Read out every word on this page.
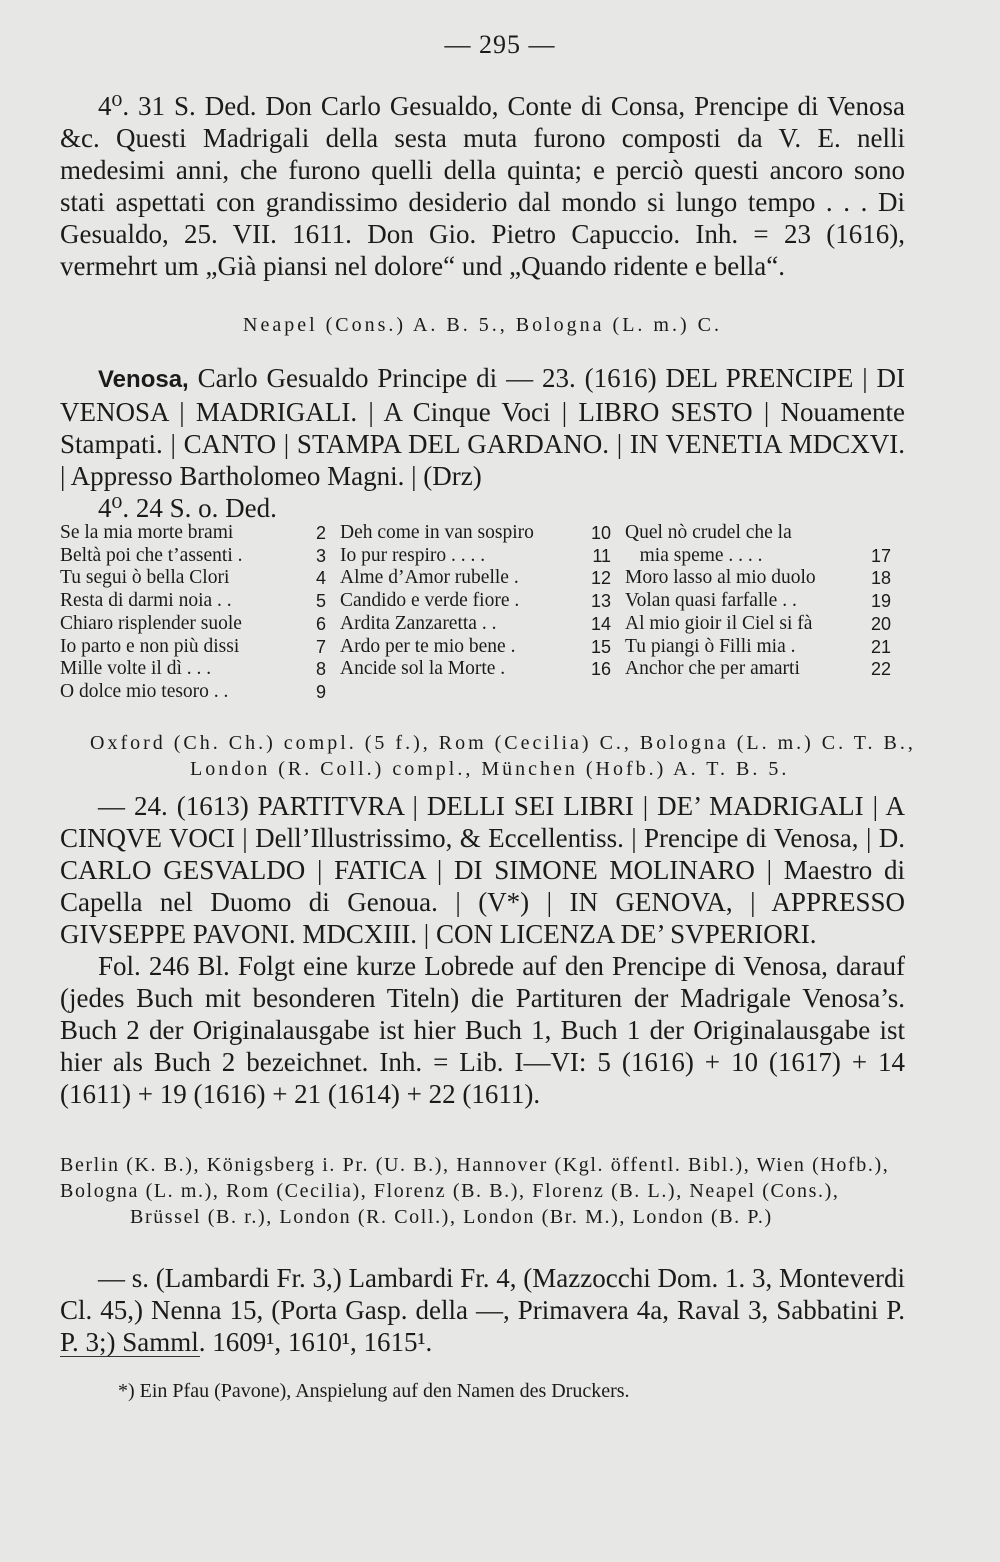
— 295 —

4⁰. 31 S. Ded. Don Carlo Gesualdo, Conte di Consa, Prencipe di Venosa &c. Questi Madrigali della sesta muta furono composti da V. E. nelli medesimi anni, che furono quelli della quinta; e perciò questi ancoro sono stati aspettati con grandissimo desiderio dal mondo si lungo tempo . . . Di Gesualdo, 25. VII. 1611. Don Gio. Pietro Capuccio. Inh. = 23 (1616), vermehrt um „Già piansi nel dolore“ und „Quando ridente e bella“.

Neapel (Cons.) A. B. 5., Bologna (L. m.) C.

Venosa, Carlo Gesualdo Principe di — 23. (1616) DEL PRENCIPE | DI VENOSA | MADRIGALI. | A Cinque Voci | LIBRO SESTO | Nouamente Stampati. | CANTO | STAMPA DEL GARDANO. | IN VENETIA MDCXVI. | Appresso Bartholomeo Magni. | (Drz)

4⁰. 24 S. o. Ded.

Se la mia morte brami	2
Beltà poi che t’assenti .	3
Tu segui ò bella Clori	4
Resta di darmi noia . .	5
Chiaro risplender suole	6
Io parto e non più dissi	7
Mille volte il dì . . .	8
O dolce mio tesoro . .	9
Deh come in van sospiro	10
Io pur respiro . . . .	11
Alme d’Amor rubelle .	12
Candido e verde fiore .	13
Ardita Zanzaretta . .	14
Ardo per te mio bene .	15
Ancide sol la Morte .	16
Quel nò crudel che la
mia speme . . . .	17
Moro lasso al mio duolo	18
Volan quasi farfalle . .	19
Al mio gioir il Ciel si fà	20
Tu piangi ò Filli mia .	21
Anchor che per amarti	22
Oxford (Ch. Ch.) compl. (5 f.), Rom (Cecilia) C., Bologna (L. m.) C. T. B.,
London (R. Coll.) compl., München (Hofb.) A. T. B. 5.

— 24. (1613) PARTITVRA | DELLI SEI LIBRI | DE’ MADRIGALI | A CINQVE VOCI | Dell’Illustrissimo, & Eccellentiss. | Prencipe di Venosa, | D. CARLO GESVALDO | FATICA | DI SIMONE MOLINARO | Maestro di Capella nel Duomo di Genoua. | (V*) | IN GENOVA, | APPRESSO GIVSEPPE PAVONI. MDCXIII. | CON LICENZA DE’ SVPERIORI.

Fol. 246 Bl. Folgt eine kurze Lobrede auf den Prencipe di Venosa, darauf (jedes Buch mit besonderen Titeln) die Partituren der Madrigale Venosa’s. Buch 2 der Originalausgabe ist hier Buch 1, Buch 1 der Originalausgabe ist hier als Buch 2 bezeichnet. Inh. = Lib. I—VI: 5 (1616) + 10 (1617) + 14 (1611) + 19 (1616) + 21 (1614) + 22 (1611).

Berlin (K. B.), Königsberg i. Pr. (U. B.), Hannover (Kgl. öffentl. Bibl.), Wien (Hofb.), Bologna (L. m.), Rom (Cecilia), Florenz (B. B.), Florenz (B. L.), Neapel (Cons.),
Brüssel (B. r.), London (R. Coll.), London (Br. M.), London (B. P.)

— s. (Lambardi Fr. 3,) Lambardi Fr. 4, (Mazzocchi Dom. 1. 3, Monteverdi Cl. 45,) Nenna 15, (Porta Gasp. della —, Primavera 4a, Raval 3, Sabbatini P. P. 3;) Samml. 1609¹, 1610¹, 1615¹.

*) Ein Pfau (Pavone), Anspielung auf den Namen des Druckers.
